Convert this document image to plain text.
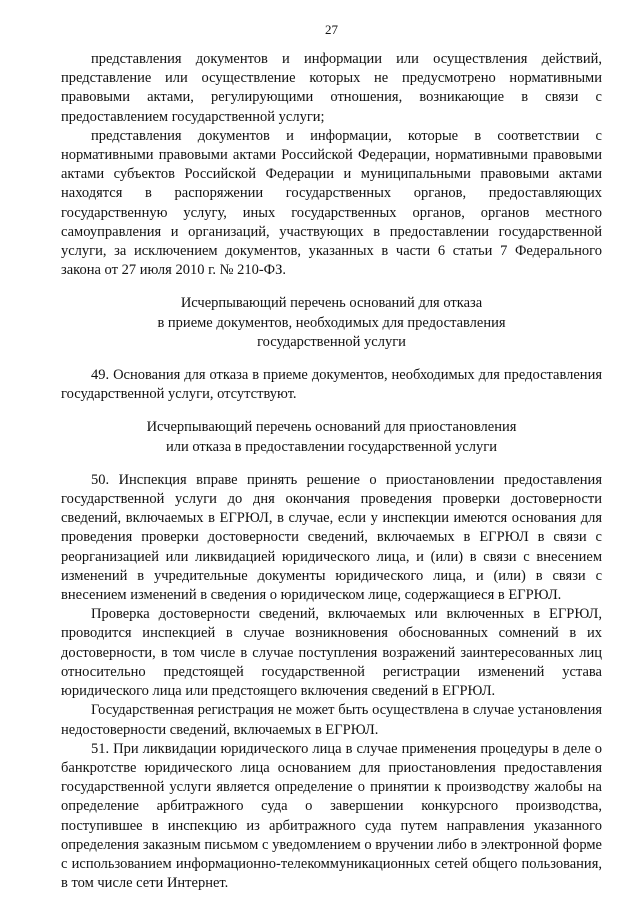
27

представления документов и информации или осуществления действий, представление или осуществление которых не предусмотрено нормативными правовыми актами, регулирующими отношения, возникающие в связи с предоставлением государственной услуги;

представления документов и информации, которые в соответствии с нормативными правовыми актами Российской Федерации, нормативными правовыми актами субъектов Российской Федерации и муниципальными правовыми актами находятся в распоряжении государственных органов, предоставляющих государственную услугу, иных государственных органов, органов местного самоуправления и организаций, участвующих в предоставлении государственной услуги, за исключением документов, указанных в части 6 статьи 7 Федерального закона от 27 июля 2010 г. № 210-ФЗ.

Исчерпывающий перечень оснований для отказа
в приеме документов, необходимых для предоставления
государственной услуги

49. Основания для отказа в приеме документов, необходимых для предоставления государственной услуги, отсутствуют.

Исчерпывающий перечень оснований для приостановления
или отказа в предоставлении государственной услуги

50. Инспекция вправе принять решение о приостановлении предоставления государственной услуги до дня окончания проведения проверки достоверности сведений, включаемых в ЕГРЮЛ, в случае, если у инспекции имеются основания для проведения проверки достоверности сведений, включаемых в ЕГРЮЛ в связи с реорганизацией или ликвидацией юридического лица, и (или) в связи с внесением изменений в учредительные документы юридического лица, и (или) в связи с внесением изменений в сведения о юридическом лице, содержащиеся в ЕГРЮЛ.

Проверка достоверности сведений, включаемых или включенных в ЕГРЮЛ, проводится инспекцией в случае возникновения обоснованных сомнений в их достоверности, в том числе в случае поступления возражений заинтересованных лиц относительно предстоящей государственной регистрации изменений устава юридического лица или предстоящего включения сведений в ЕГРЮЛ.

Государственная регистрация не может быть осуществлена в случае установления недостоверности сведений, включаемых в ЕГРЮЛ.

51. При ликвидации юридического лица в случае применения процедуры в деле о банкротстве юридического лица основанием для приостановления предоставления государственной услуги является определение о принятии к производству жалобы на определение арбитражного суда о завершении конкурсного производства, поступившее в инспекцию из арбитражного суда путем направления указанного определения заказным письмом с уведомлением о вручении либо в электронной форме с использованием информационно-телекоммуникационных сетей общего пользования, в том числе сети Интернет.
